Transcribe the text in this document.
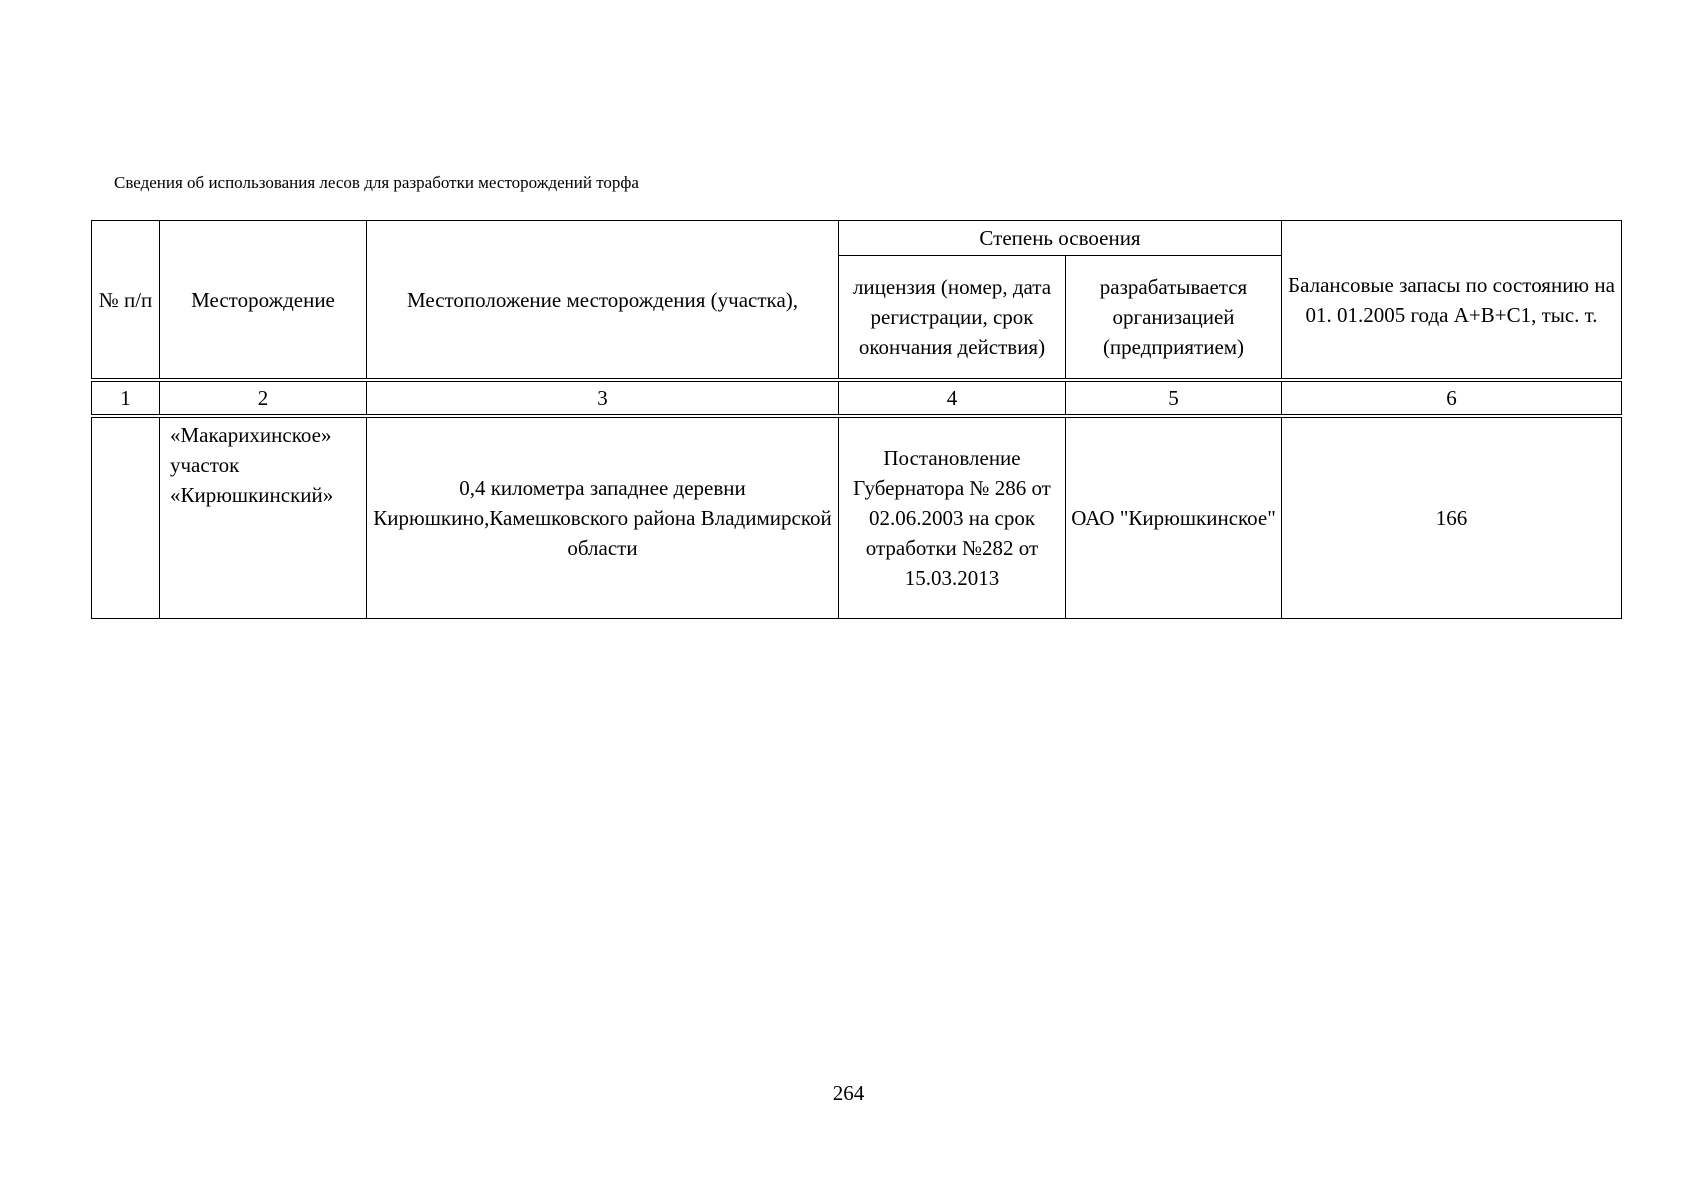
Сведения об использования лесов для разработки месторождений торфа
№ п/п	Месторождение	Местоположение месторождения (участка),	Степень освоения		Балансовые запасы по состоянию на 01. 01.2005 года А+В+С1, тыс. т.
			лицензия (номер, дата регистрации, срок окончания действия)	разрабатывается организацией (предприятием)	
1	2	3	4	5	6

	«Макарихинское»
участок
«Кирюшкинский»	0,4 километра западнее деревни Кирюшкино,Камешковского района Владимирской области	Постановление Губернатора № 286 от 02.06.2003 на срок отработки №282 от 15.03.2013	ОАО "Кирюшкинское"	166
264
